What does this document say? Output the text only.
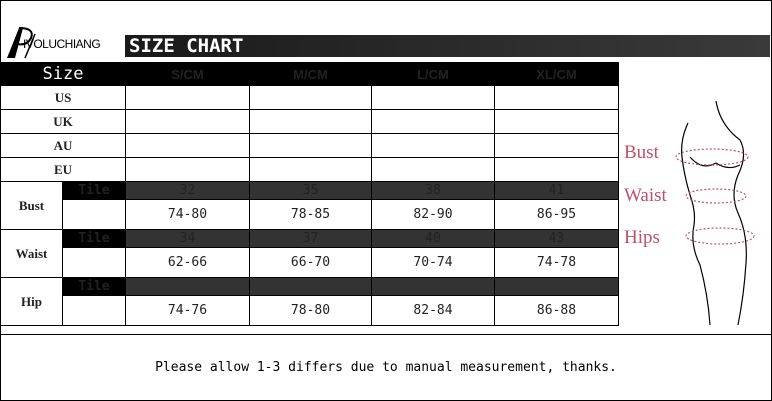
IVOLUCHIANG SIZE CHART
Size		S/CM	M/CM	L/CM	XL/CM
US					
UK					
AU					
EU					
Bust	Tile	32	35	38	41
		74-80	78-85	82-90	86-95
Waist	Tile	34	37	40	43
		62-66	66-70	70-74	74-78
Hip	Tile				
		74-76	78-80	82-84	86-88
Bust
Waist
Hips
Please allow 1-3 differs due to manual measurement, thanks.
